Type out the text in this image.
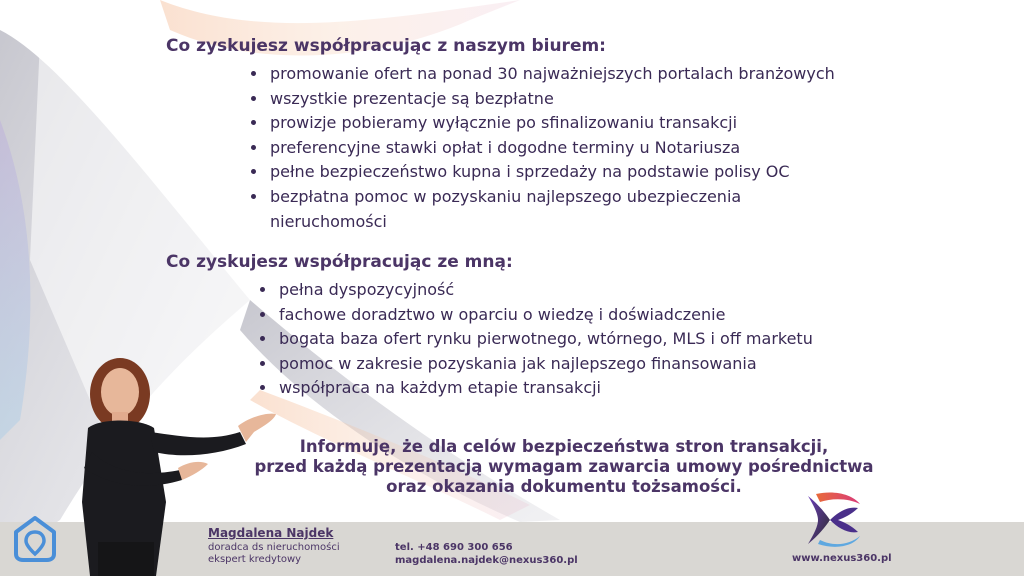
Co zyskujesz współpracując z naszym biurem:
• promowanie ofert na ponad 30 najważniejszych portalach branżowych
• wszystkie prezentacje są bezpłatne
• prowizje pobieramy wyłącznie po sfinalizowaniu transakcji
• preferencyjne stawki opłat i dogodne terminy u Notariusza
• pełne bezpieczeństwo kupna i sprzedaży na podstawie polisy OC
• bezpłatna pomoc w pozyskaniu najlepszego ubezpieczenia nieruchomości
Co zyskujesz współpracując ze mną:
• pełna dyspozycyjność
• fachowe doradztwo w oparciu o wiedzę i doświadczenie
• bogata baza ofert rynku pierwotnego, wtórnego, MLS i off marketu
• pomoc w zakresie pozyskania jak najlepszego finansowania
• współpraca na każdym etapie transakcji

Informuję, że dla celów bezpieczeństwa stron transakcji,
przed każdą prezentacją wymagam zawarcia umowy pośrednictwa
oraz okazania dokumentu tożsamości.

Magdalena Najdek
doradca ds nieruchomości
ekspert kredytowy
tel. +48 690 300 656
magdalena.najdek@nexus360.pl	www.nexus360.pl
